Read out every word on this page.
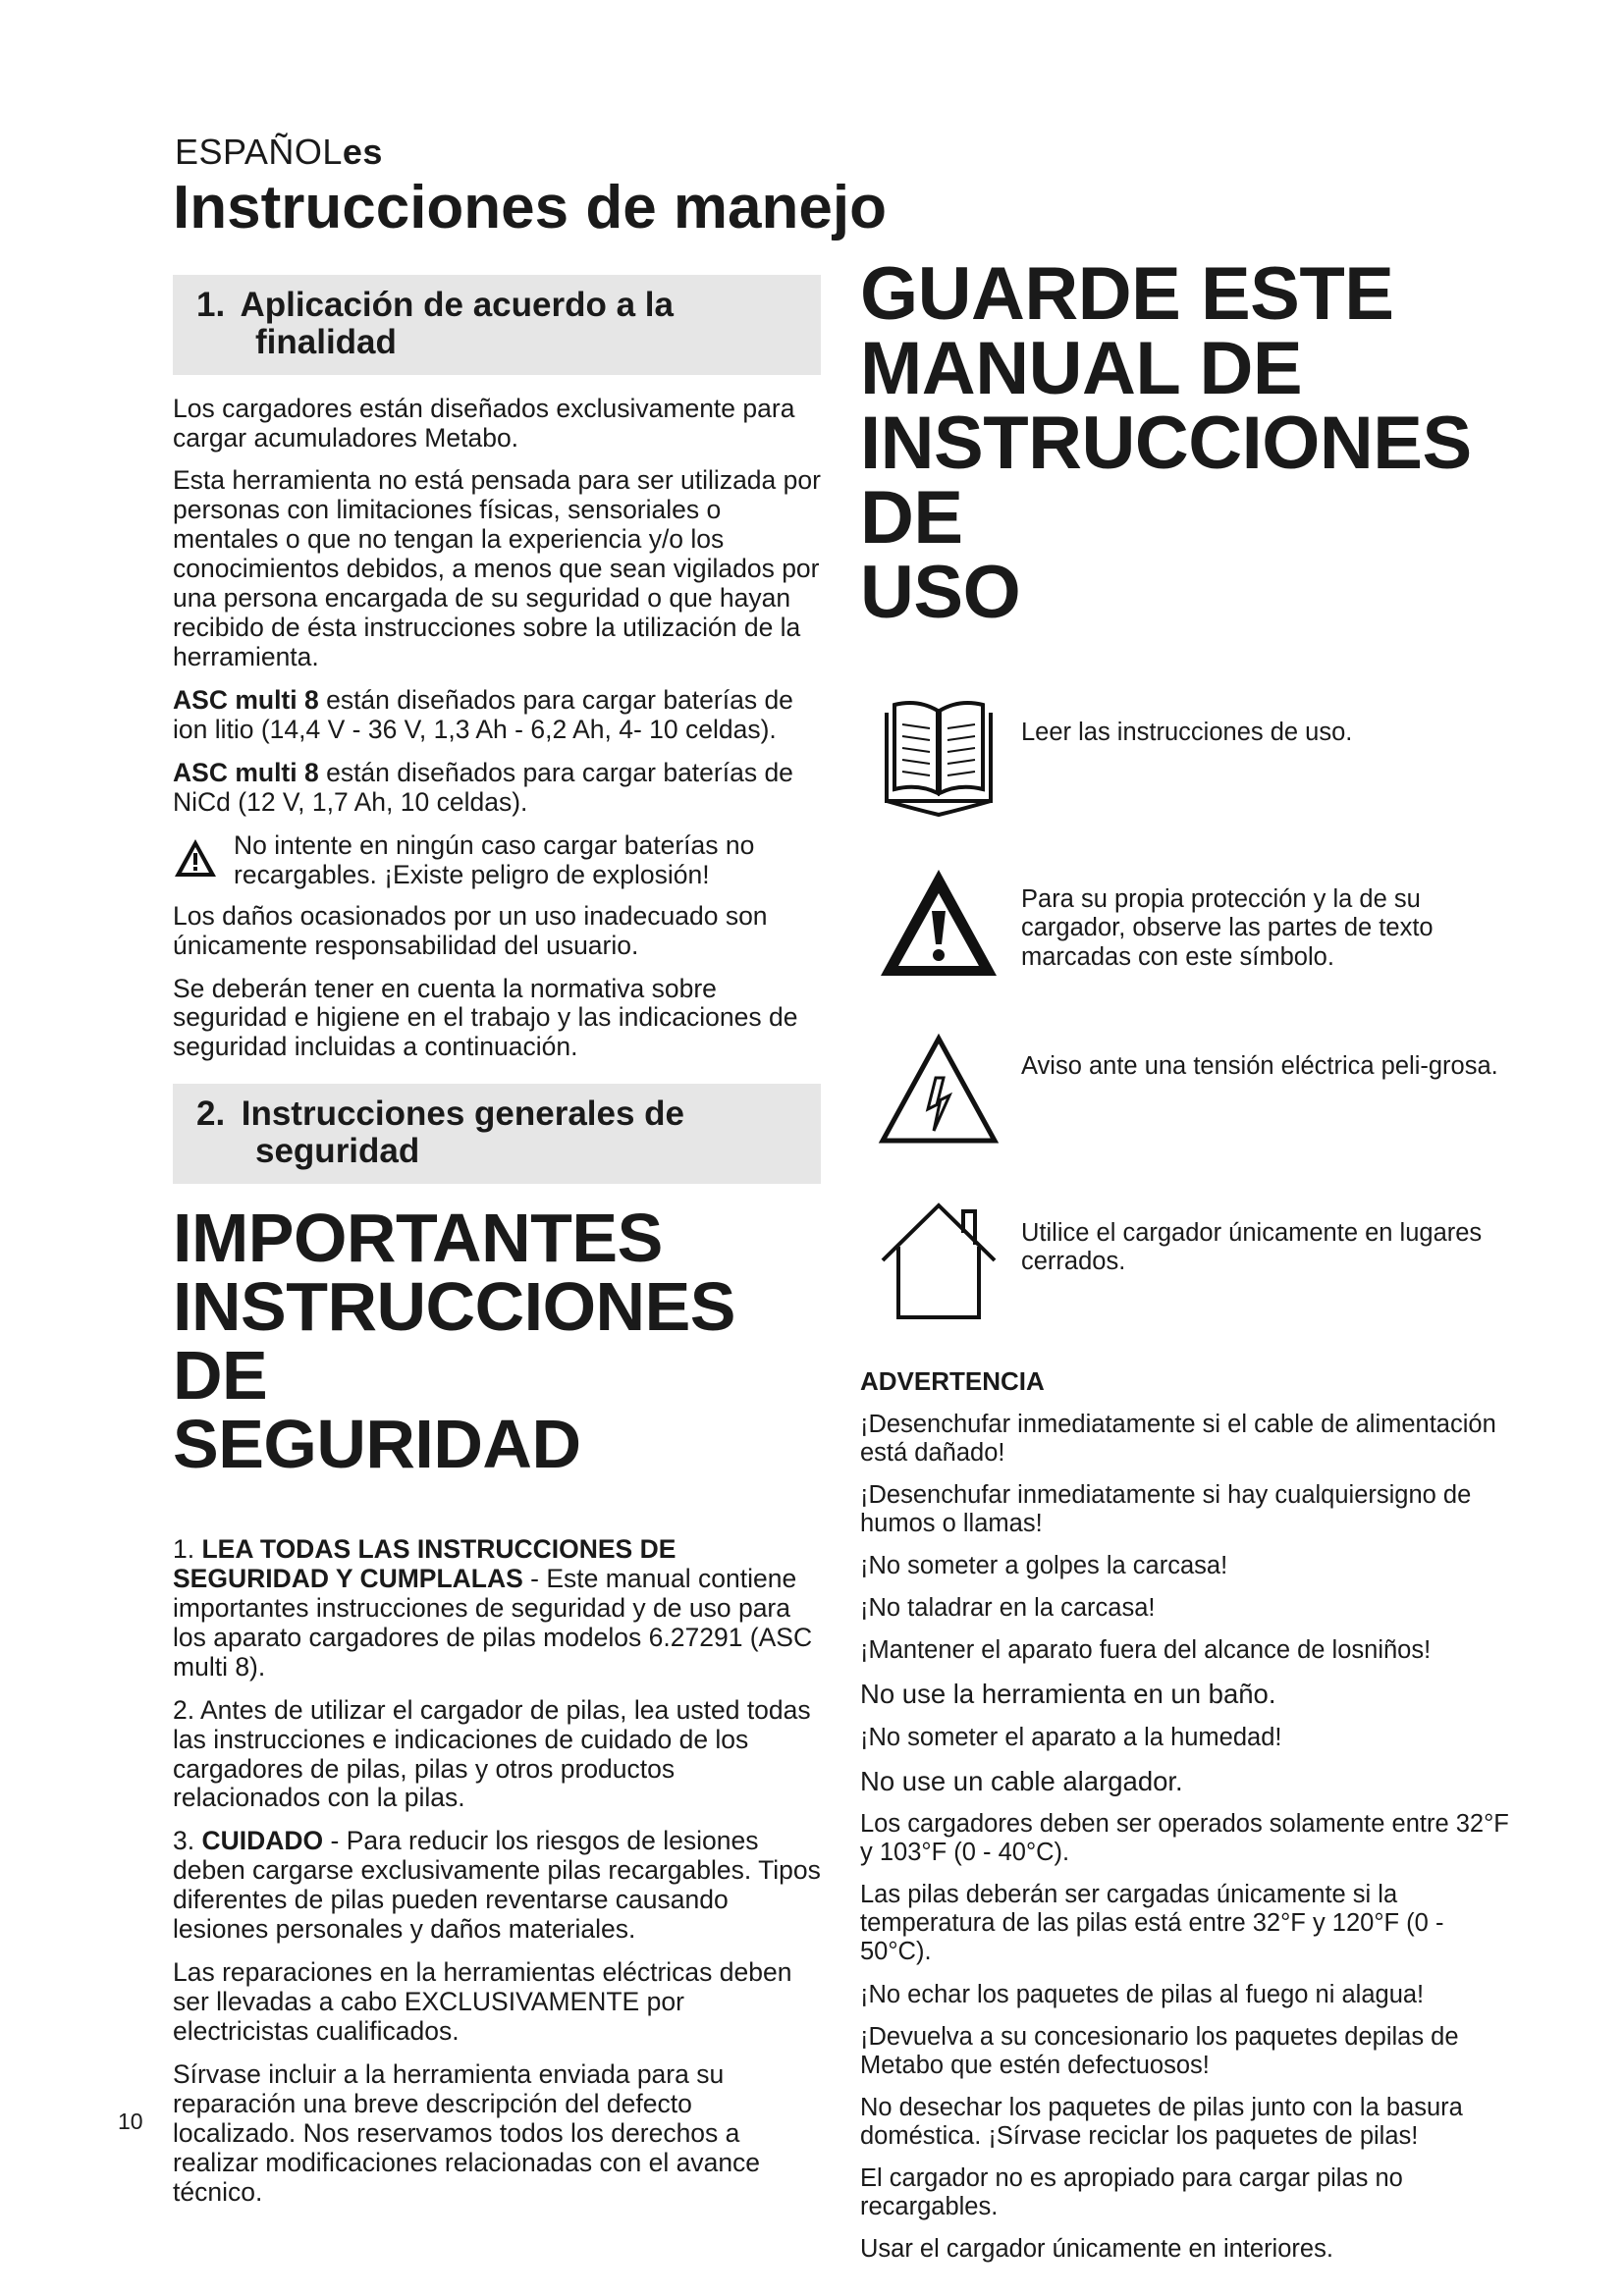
ESPAÑOLes
Instrucciones de manejo
1. Aplicación de acuerdo a la
finalidad

Los cargadores están diseñados exclusivamente para cargar acumuladores Metabo.

Esta herramienta no está pensada para ser utilizada por personas con limitaciones físicas, sensoriales o mentales o que no tengan la experiencia y/o los conocimientos debidos, a menos que sean vigilados por una persona encargada de su seguridad o que hayan recibido de ésta instrucciones sobre la utilización de la herramienta.

ASC multi 8 están diseñados para cargar baterías de ion litio (14,4 V - 36 V, 1,3 Ah - 6,2 Ah, 4- 10 celdas).

ASC multi 8 están diseñados para cargar baterías de NiCd (12 V, 1,7 Ah, 10 celdas).

No intente en ningún caso cargar baterías no recargables. ¡Existe peligro de explosión!

Los daños ocasionados por un uso inadecuado son únicamente responsabilidad del usuario.

Se deberán tener en cuenta la normativa sobre seguridad e higiene en el trabajo y las indicaciones de seguridad incluidas a continuación.

2. Instrucciones generales de
seguridad
IMPORTANTES
INSTRUCCIONES DE
SEGURIDAD

1. LEA TODAS LAS INSTRUCCIONES DE SEGURIDAD Y CUMPLALAS - Este manual contiene importantes instrucciones de seguridad y de uso para los aparato cargadores de pilas modelos 6.27291 (ASC multi 8).

2. Antes de utilizar el cargador de pilas, lea usted todas las instrucciones e indicaciones de cuidado de los cargadores de pilas, pilas y otros productos relacionados con la pilas.

3. CUIDADO - Para reducir los riesgos de lesiones deben cargarse exclusivamente pilas recargables. Tipos diferentes de pilas pueden reventarse causando lesiones personales y daños materiales.

Las reparaciones en la herramientas eléctricas deben ser llevadas a cabo EXCLUSIVAMENTE por electricistas cualificados.

Sírvase incluir a la herramienta enviada para su reparación una breve descripción del defecto localizado. Nos reservamos todos los derechos a realizar modificaciones relacionadas con el avance técnico.

GUARDE ESTE
MANUAL DE
INSTRUCCIONES DE
USO
Leer las instrucciones de uso.
Para su propia protección y la de su cargador, observe las partes de texto marcadas con este símbolo.
Aviso ante una tensión eléctrica peli-grosa.
Utilice el cargador únicamente en lugares cerrados.
ADVERTENCIA

¡Desenchufar inmediatamente si el cable de alimentación está dañado!

¡Desenchufar inmediatamente si hay cualquiersigno de humos o llamas!

¡No someter a golpes la carcasa!

¡No taladrar en la carcasa!

¡Mantener el aparato fuera del alcance de losniños!

No use la herramienta en un baño.

¡No someter el aparato a la humedad!

No use un cable alargador.

Los cargadores deben ser operados solamente entre 32°F y 103°F (0 - 40°C).

Las pilas deberán ser cargadas únicamente si la temperatura de las pilas está entre 32°F y 120°F (0 - 50°C).

¡No echar los paquetes de pilas al fuego ni alagua!

¡Devuelva a su concesionario los paquetes depilas de Metabo que estén defectuosos!

No desechar los paquetes de pilas junto con la basura doméstica. ¡Sírvase reciclar los paquetes de pilas!

El cargador no es apropiado para cargar pilas no recargables.

Usar el cargador únicamente en interiores.

10
